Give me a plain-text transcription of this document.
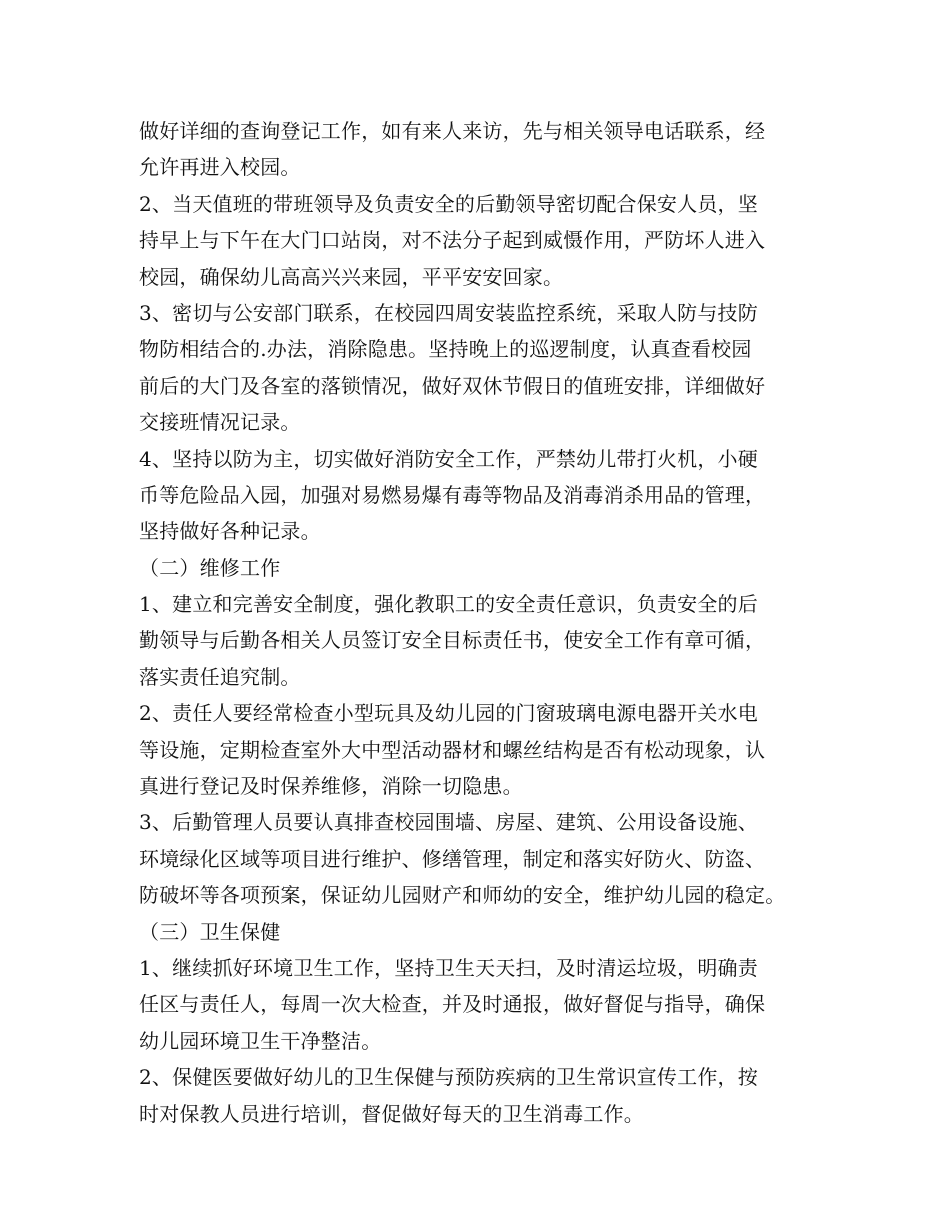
做好详细的查询登记工作，如有来人来访，先与相关领导电话联系，经
允许再进入校园。
2、当天值班的带班领导及负责安全的后勤领导密切配合保安人员，坚
持早上与下午在大门口站岗，对不法分子起到威慑作用，严防坏人进入
校园，确保幼儿高高兴兴来园，平平安安回家。
3、密切与公安部门联系，在校园四周安装监控系统，采取人防与技防
物防相结合的.办法，消除隐患。坚持晚上的巡逻制度，认真查看校园
前后的大门及各室的落锁情况，做好双休节假日的值班安排，详细做好
交接班情况记录。
4、坚持以防为主，切实做好消防安全工作，严禁幼儿带打火机，小硬
币等危险品入园，加强对易燃易爆有毒等物品及消毒消杀用品的管理，
坚持做好各种记录。
（二）维修工作
1、建立和完善安全制度，强化教职工的安全责任意识，负责安全的后
勤领导与后勤各相关人员签订安全目标责任书，使安全工作有章可循，
落实责任追究制。
2、责任人要经常检查小型玩具及幼儿园的门窗玻璃电源电器开关水电
等设施，定期检查室外大中型活动器材和螺丝结构是否有松动现象，认
真进行登记及时保养维修，消除一切隐患。
3、后勤管理人员要认真排查校园围墙、房屋、建筑、公用设备设施、
环境绿化区域等项目进行维护、修缮管理，制定和落实好防火、防盗、
防破坏等各项预案，保证幼儿园财产和师幼的安全，维护幼儿园的稳定。
（三）卫生保健
1、继续抓好环境卫生工作，坚持卫生天天扫，及时清运垃圾，明确责
任区与责任人，每周一次大检查，并及时通报，做好督促与指导，确保
幼儿园环境卫生干净整洁。
2、保健医要做好幼儿的卫生保健与预防疾病的卫生常识宣传工作，按
时对保教人员进行培训，督促做好每天的卫生消毒工作。
